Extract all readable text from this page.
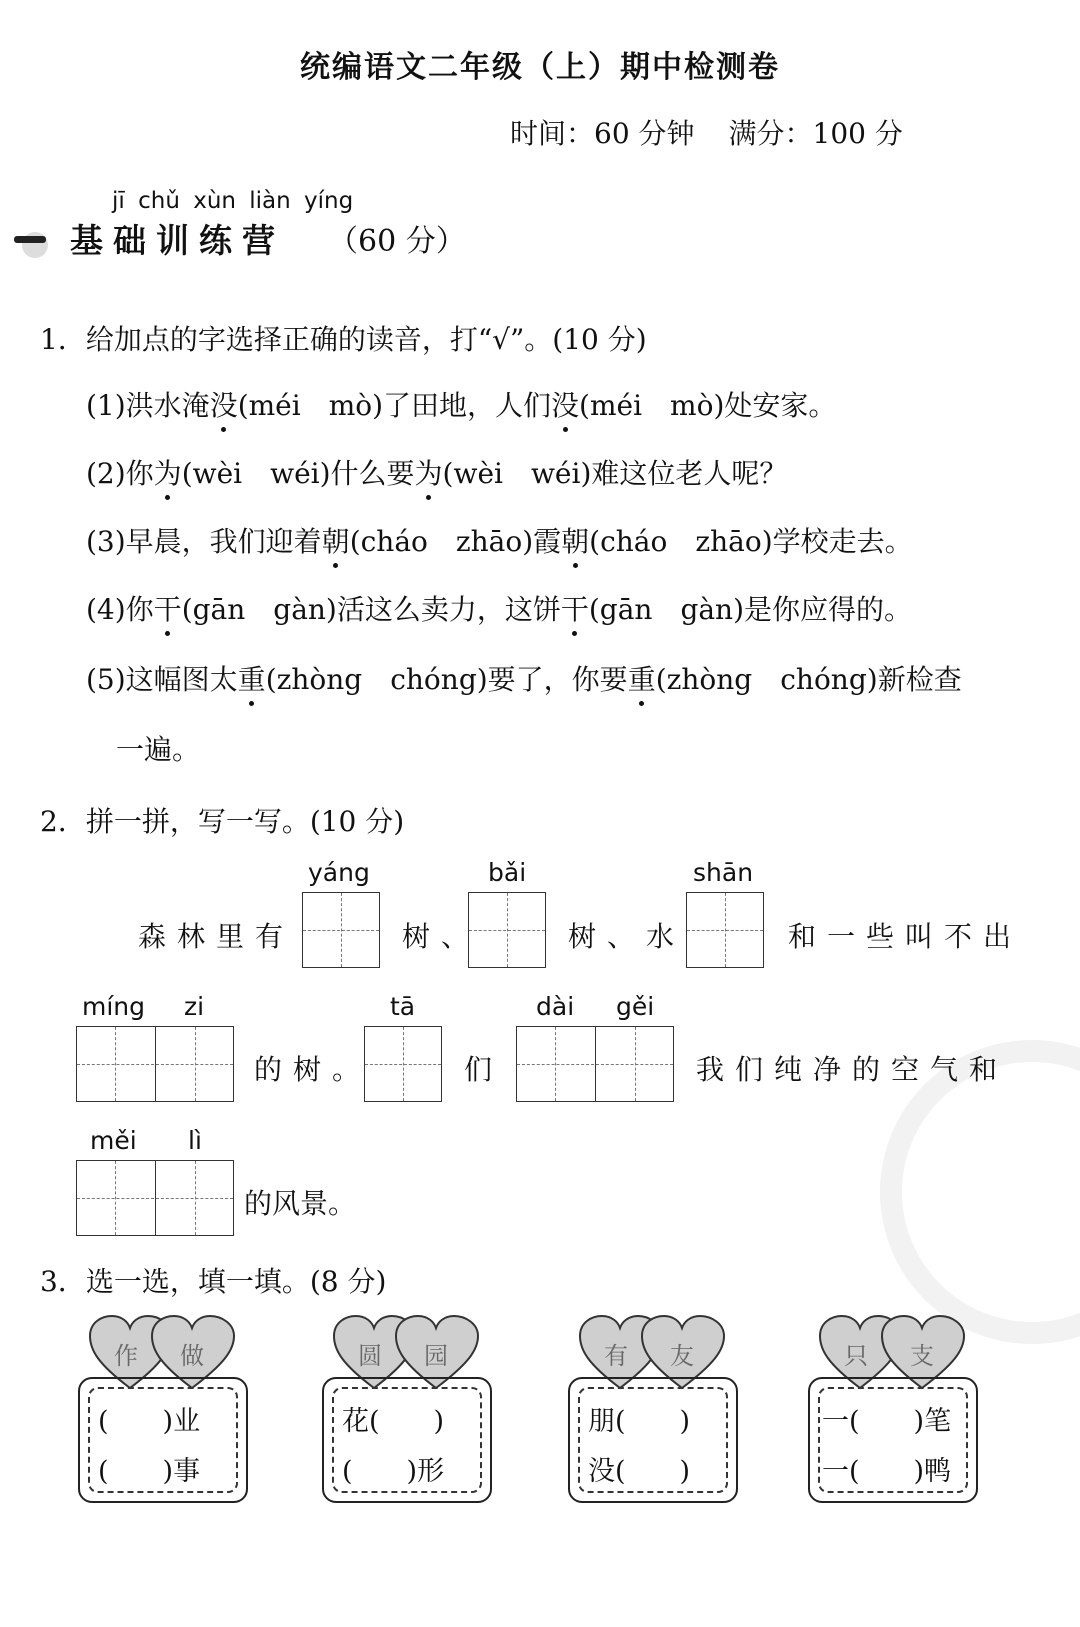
统编语文二年级（上）期中检测卷
时间：60 分钟 满分：100 分
jī chǔ xùn liàn yíng
基础训练营 （60 分）
1．给加点的字选择正确的读音，打“√”。(10 分)
(1)洪水淹没(méi mò)了田地，人们没(méi mò)处安家。
(2)你为(wèi wéi)什么要为(wèi wéi)难这位老人呢？
(3)早晨，我们迎着朝(cháo zhāo)霞朝(cháo zhāo)学校走去。
(4)你干(gān gàn)活这么卖力，这饼干(gān gàn)是你应得的。
(5)这幅图太重(zhòng chóng)要了，你要重(zhòng chóng)新检查
一遍。
2．拼一拼，写一写。(10 分)
yáng	bǎi	shān
森林里有	树、	树、水	和一些叫不出
míng zi	tā	dài gěi
的树。	们	我们纯净的空气和
měi lì
的风景。
3．选一选，填一填。(8 分)
作 做
(　　)业
(　　)事
圆 园
花(　　)
(　　)形
有 友
朋(　　)
没(　　)
只 支
一(　　)笔
一(　　)鸭
